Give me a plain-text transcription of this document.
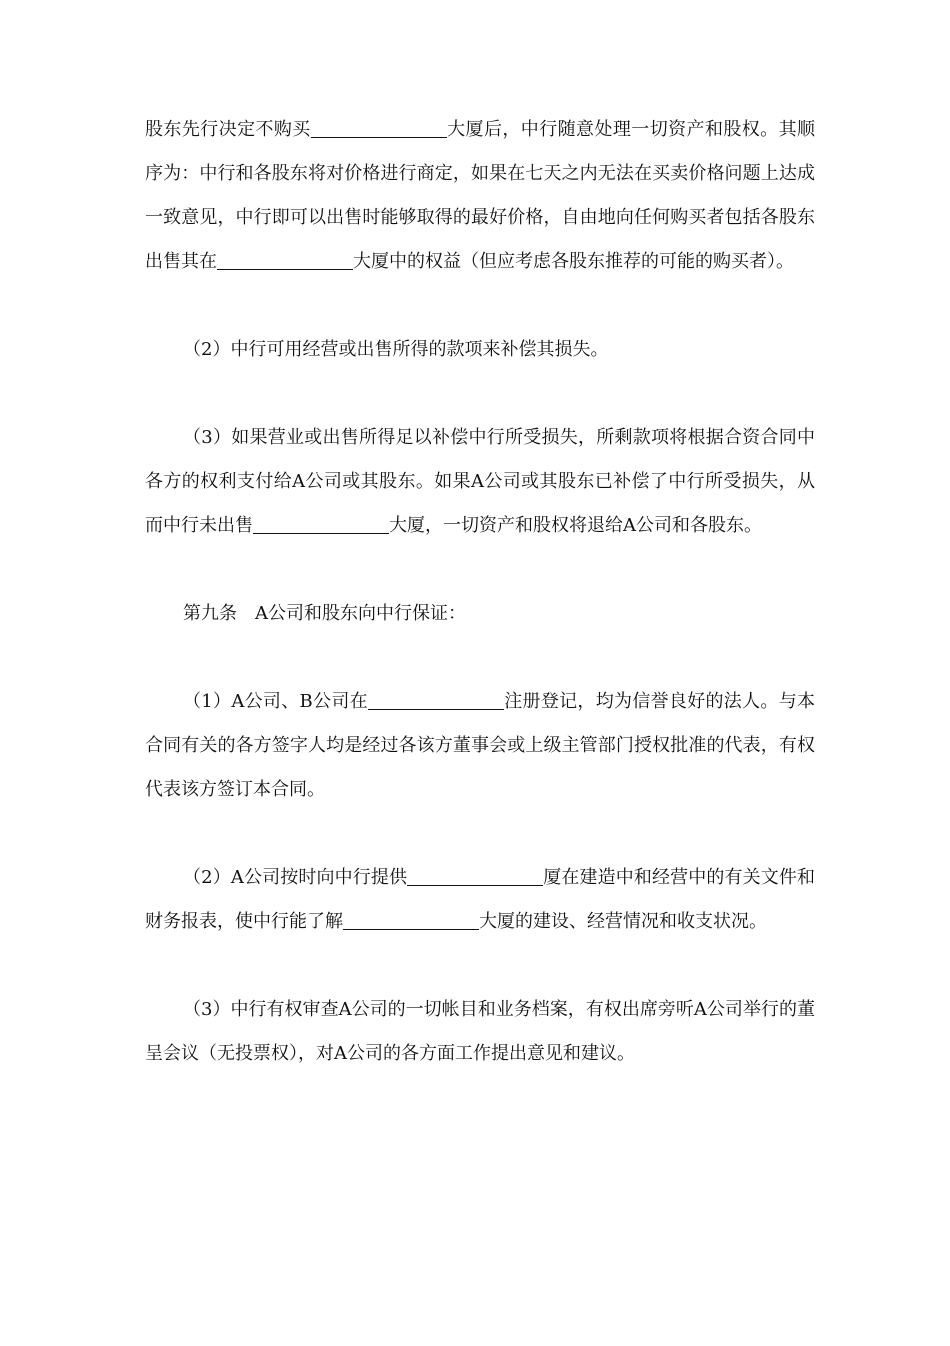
股东先行决定不购买	大厦后，中行随意处理一切资产和股权。其顺序为：中行和各股东将对价格进行商定，如果在七天之内无法在买卖价格问题上达成一致意见，中行即可以出售时能够取得的最好价格，自由地向任何购买者包括各股东出售其在	大厦中的权益（但应考虑各股东推荐的可能的购买者）。

（2）中行可用经营或出售所得的款项来补偿其损失。

（3）如果营业或出售所得足以补偿中行所受损失，所剩款项将根据合资合同中各方的权利支付给A公司或其股东。如果A公司或其股东已补偿了中行所受损失，从而中行未出售	大厦，一切资产和股权将退给A公司和各股东。

第九条　A公司和股东向中行保证：

（1）A公司、B公司在	注册登记，均为信誉良好的法人。与本合同有关的各方签字人均是经过各该方董事会或上级主管部门授权批准的代表，有权代表该方签订本合同。

（2）A公司按时向中行提供	厦在建造中和经营中的有关文件和财务报表，使中行能了解	大厦的建设、经营情况和收支状况。

（3）中行有权审查A公司的一切帐目和业务档案，有权出席旁听A公司举行的董呈会议（无投票权），对A公司的各方面工作提出意见和建议。
